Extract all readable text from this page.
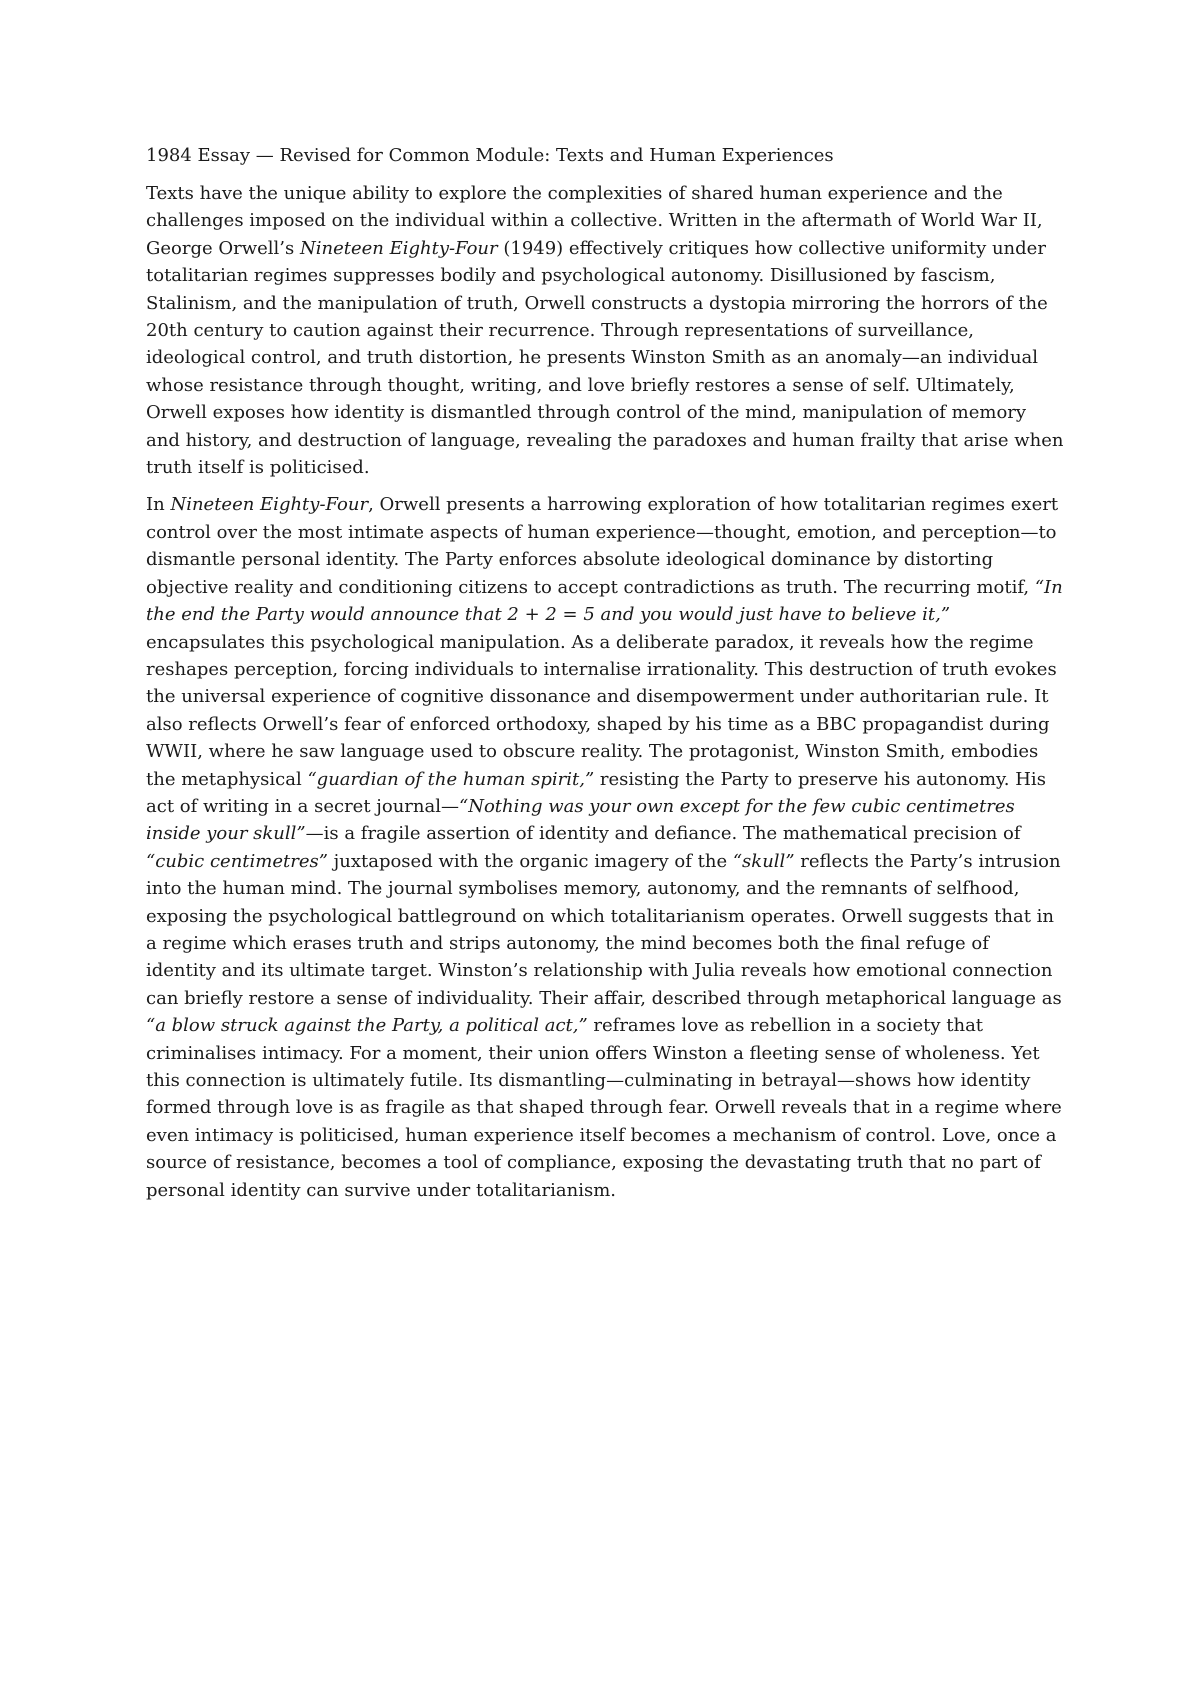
1984 Essay — Revised for Common Module: Texts and Human Experiences

Texts have the unique ability to explore the complexities of shared human experience and the challenges imposed on the individual within a collective. Written in the aftermath of World War II, George Orwell’s Nineteen Eighty-Four (1949) effectively critiques how collective uniformity under totalitarian regimes suppresses bodily and psychological autonomy. Disillusioned by fascism, Stalinism, and the manipulation of truth, Orwell constructs a dystopia mirroring the horrors of the 20th century to caution against their recurrence. Through representations of surveillance, ideological control, and truth distortion, he presents Winston Smith as an anomaly—an individual whose resistance through thought, writing, and love briefly restores a sense of self. Ultimately, Orwell exposes how identity is dismantled through control of the mind, manipulation of memory and history, and destruction of language, revealing the paradoxes and human frailty that arise when truth itself is politicised.

In Nineteen Eighty-Four, Orwell presents a harrowing exploration of how totalitarian regimes exert control over the most intimate aspects of human experience—thought, emotion, and perception—to dismantle personal identity. The Party enforces absolute ideological dominance by distorting objective reality and conditioning citizens to accept contradictions as truth. The recurring motif, “In the end the Party would announce that 2 + 2 = 5 and you would just have to believe it,” encapsulates this psychological manipulation. As a deliberate paradox, it reveals how the regime reshapes perception, forcing individuals to internalise irrationality. This destruction of truth evokes the universal experience of cognitive dissonance and disempowerment under authoritarian rule. It also reflects Orwell’s fear of enforced orthodoxy, shaped by his time as a BBC propagandist during WWII, where he saw language used to obscure reality. The protagonist, Winston Smith, embodies the metaphysical “guardian of the human spirit,” resisting the Party to preserve his autonomy. His act of writing in a secret journal—“Nothing was your own except for the few cubic centimetres inside your skull”—is a fragile assertion of identity and defiance. The mathematical precision of “cubic centimetres” juxtaposed with the organic imagery of the “skull” reflects the Party’s intrusion into the human mind. The journal symbolises memory, autonomy, and the remnants of selfhood, exposing the psychological battleground on which totalitarianism operates. Orwell suggests that in a regime which erases truth and strips autonomy, the mind becomes both the final refuge of identity and its ultimate target. Winston’s relationship with Julia reveals how emotional connection can briefly restore a sense of individuality. Their affair, described through metaphorical language as “a blow struck against the Party, a political act,” reframes love as rebellion in a society that criminalises intimacy. For a moment, their union offers Winston a fleeting sense of wholeness. Yet this connection is ultimately futile. Its dismantling—culminating in betrayal—shows how identity formed through love is as fragile as that shaped through fear. Orwell reveals that in a regime where even intimacy is politicised, human experience itself becomes a mechanism of control. Love, once a source of resistance, becomes a tool of compliance, exposing the devastating truth that no part of personal identity can survive under totalitarianism.
